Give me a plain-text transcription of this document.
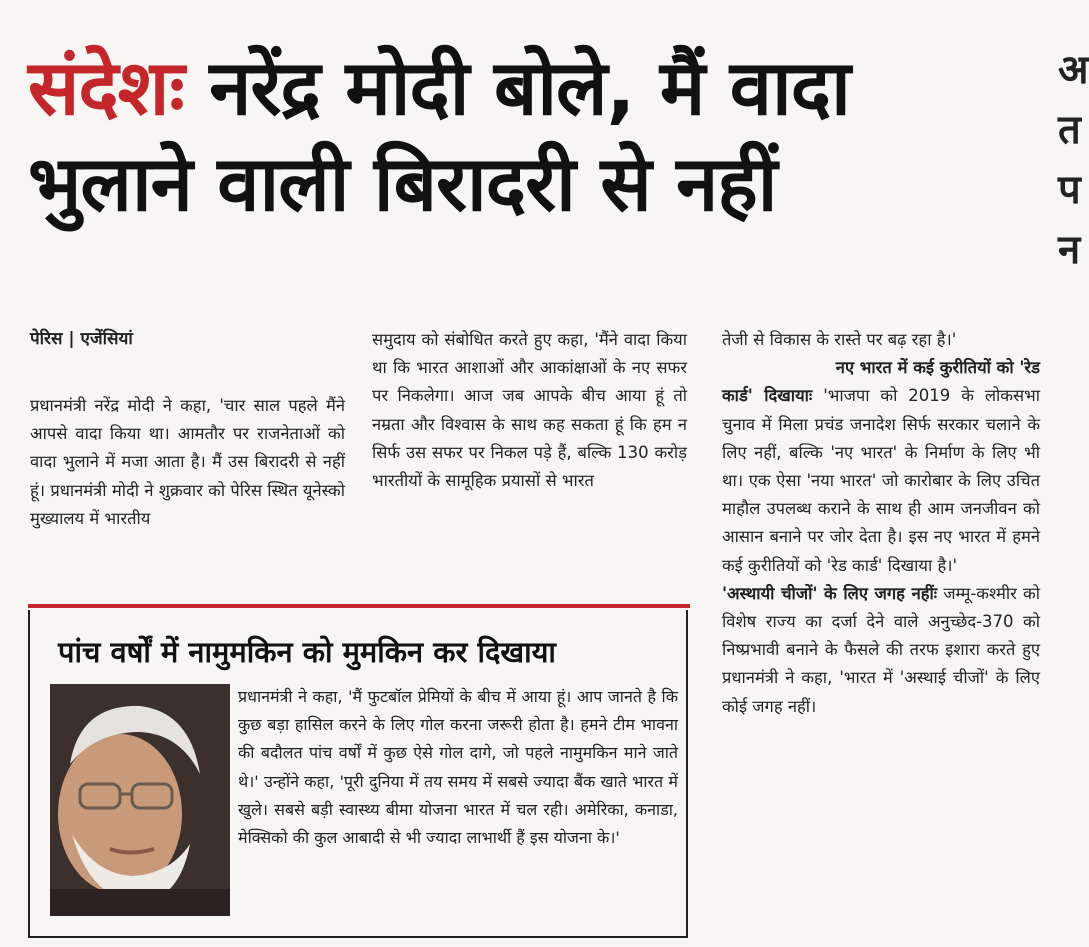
संदेशः नरेंद्र मोदी बोले, मैं वादा
भुलाने वाली बिरादरी से नहीं
पेरिस | एजेंसियां

प्रधानमंत्री नरेंद्र मोदी ने कहा, 'चार साल पहले मैंने आपसे वादा किया था। आमतौर पर राजनेताओं को वादा भुलाने में मजा आता है। मैं उस बिरादरी से नहीं हूं। प्रधानमंत्री मोदी ने शुक्रवार को पेरिस स्थित यूनेस्को मुख्यालय में भारतीय

समुदाय को संबोधित करते हुए कहा, 'मैंने वादा किया था कि भारत आशाओं और आकांक्षाओं के नए सफर पर निकलेगा। आज जब आपके बीच आया हूं तो नम्रता और विश्वास के साथ कह सकता हूं कि हम न सिर्फ उस सफर पर निकल पड़े हैं, बल्कि 130 करोड़ भारतीयों के सामूहिक प्रयासों से भारत

तेजी से विकास के रास्ते पर बढ़ रहा है।'

नए भारत में कई कुरीतियों को 'रेड
कार्ड' दिखायाः 'भाजपा को 2019 के लोकसभा चुनाव में मिला प्रचंड जनादेश सिर्फ सरकार चलाने के लिए नहीं, बल्कि 'नए भारत' के निर्माण के लिए भी था। एक ऐसा 'नया भारत' जो कारोबार के लिए उचित माहौल उपलब्ध कराने के साथ ही आम जनजीवन को आसान बनाने पर जोर देता है। इस नए भारत में हमने कई कुरीतियों को 'रेड कार्ड' दिखाया है।'

'अस्थायी चीजों' के लिए जगह नहींः जम्मू-कश्मीर को विशेष राज्य का दर्जा देने वाले अनुच्छेद-370 को निष्प्रभावी बनाने के फैसले की तरफ इशारा करते हुए प्रधानमंत्री ने कहा, 'भारत में 'अस्थाई चीजों' के लिए कोई जगह नहीं।

पांच वर्षों में नामुमकिन को मुमकिन कर दिखाया
प्रधानमंत्री ने कहा, 'मैं फुटबॉल प्रेमियों के बीच में आया हूं। आप जानते है कि कुछ बड़ा हासिल करने के लिए गोल करना जरूरी होता है। हमने टीम भावना की बदौलत पांच वर्षों में कुछ ऐसे गोल दागे, जो पहले नामुमकिन माने जाते थे।' उन्होंने कहा, 'पूरी दुनिया में तय समय में सबसे ज्यादा बैंक खाते भारत में खुले। सबसे बड़ी स्वास्थ्य बीमा योजना भारत में चल रही। अमेरिका, कनाडा, मेक्सिको की कुल आबादी से भी ज्यादा लाभार्थी हैं इस योजना के।'
अ त प न
